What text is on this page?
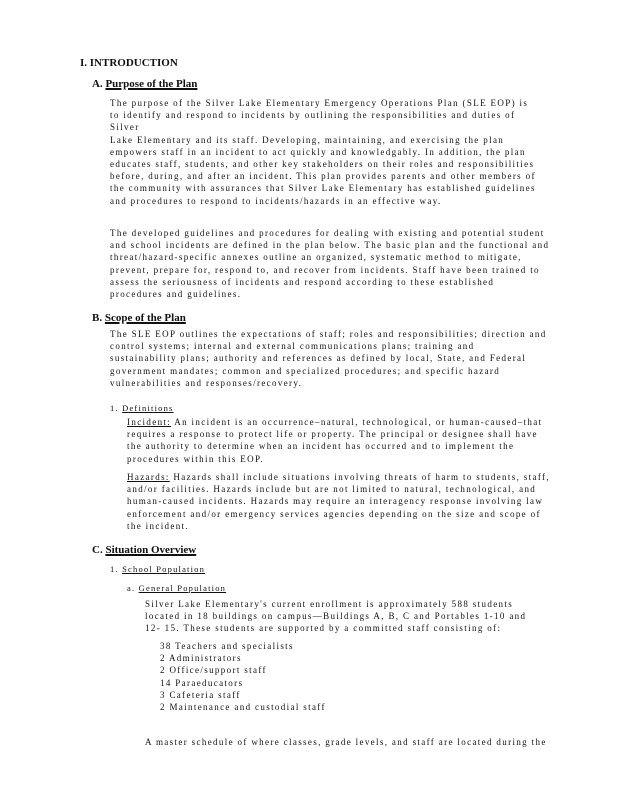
I. INTRODUCTION

A. Purpose of the Plan

The purpose of the Silver Lake Elementary Emergency Operations Plan (SLE EOP) is
to identify and respond to incidents by outlining the responsibilities and duties of
Silver
Lake Elementary and its staff. Developing, maintaining, and exercising the plan
empowers staff in an incident to act quickly and knowledgably. In addition, the plan
educates staff, students, and other key stakeholders on their roles and responsibilities
before, during, and after an incident. This plan provides parents and other members of
the community with assurances that Silver Lake Elementary has established guidelines
and procedures to respond to incidents/hazards in an effective way.

The developed guidelines and procedures for dealing with existing and potential student
and school incidents are defined in the plan below. The basic plan and the functional and
threat/hazard-specific annexes outline an organized, systematic method to mitigate,
prevent, prepare for, respond to, and recover from incidents. Staff have been trained to
assess the seriousness of incidents and respond according to these established
procedures and guidelines.

B. Scope of the Plan

The SLE EOP outlines the expectations of staff; roles and responsibilities; direction and
control systems; internal and external communications plans; training and
sustainability plans; authority and references as defined by local, State, and Federal
government mandates; common and specialized procedures; and specific hazard
vulnerabilities and responses/recovery.

1. Definitions

Incident: An incident is an occurrence–natural, technological, or human-caused–that
requires a response to protect life or property. The principal or designee shall have
the authority to determine when an incident has occurred and to implement the
procedures within this EOP.

Hazards: Hazards shall include situations involving threats of harm to students, staff,
and/or facilities. Hazards include but are not limited to natural, technological, and
human-caused incidents. Hazards may require an interagency response involving law
enforcement and/or emergency services agencies depending on the size and scope of
the incident.

C. Situation Overview

1. School Population

a. General Population

Silver Lake Elementary's current enrollment is approximately 588 students
located in 18 buildings on campus—Buildings A, B, C and Portables 1-10 and
12- 15. These students are supported by a committed staff consisting of:

38 Teachers and specialists
2 Administrators
2 Office/support staff
14 Paraeducators
3 Cafeteria staff
2 Maintenance and custodial staff

A master schedule of where classes, grade levels, and staff are located during the
